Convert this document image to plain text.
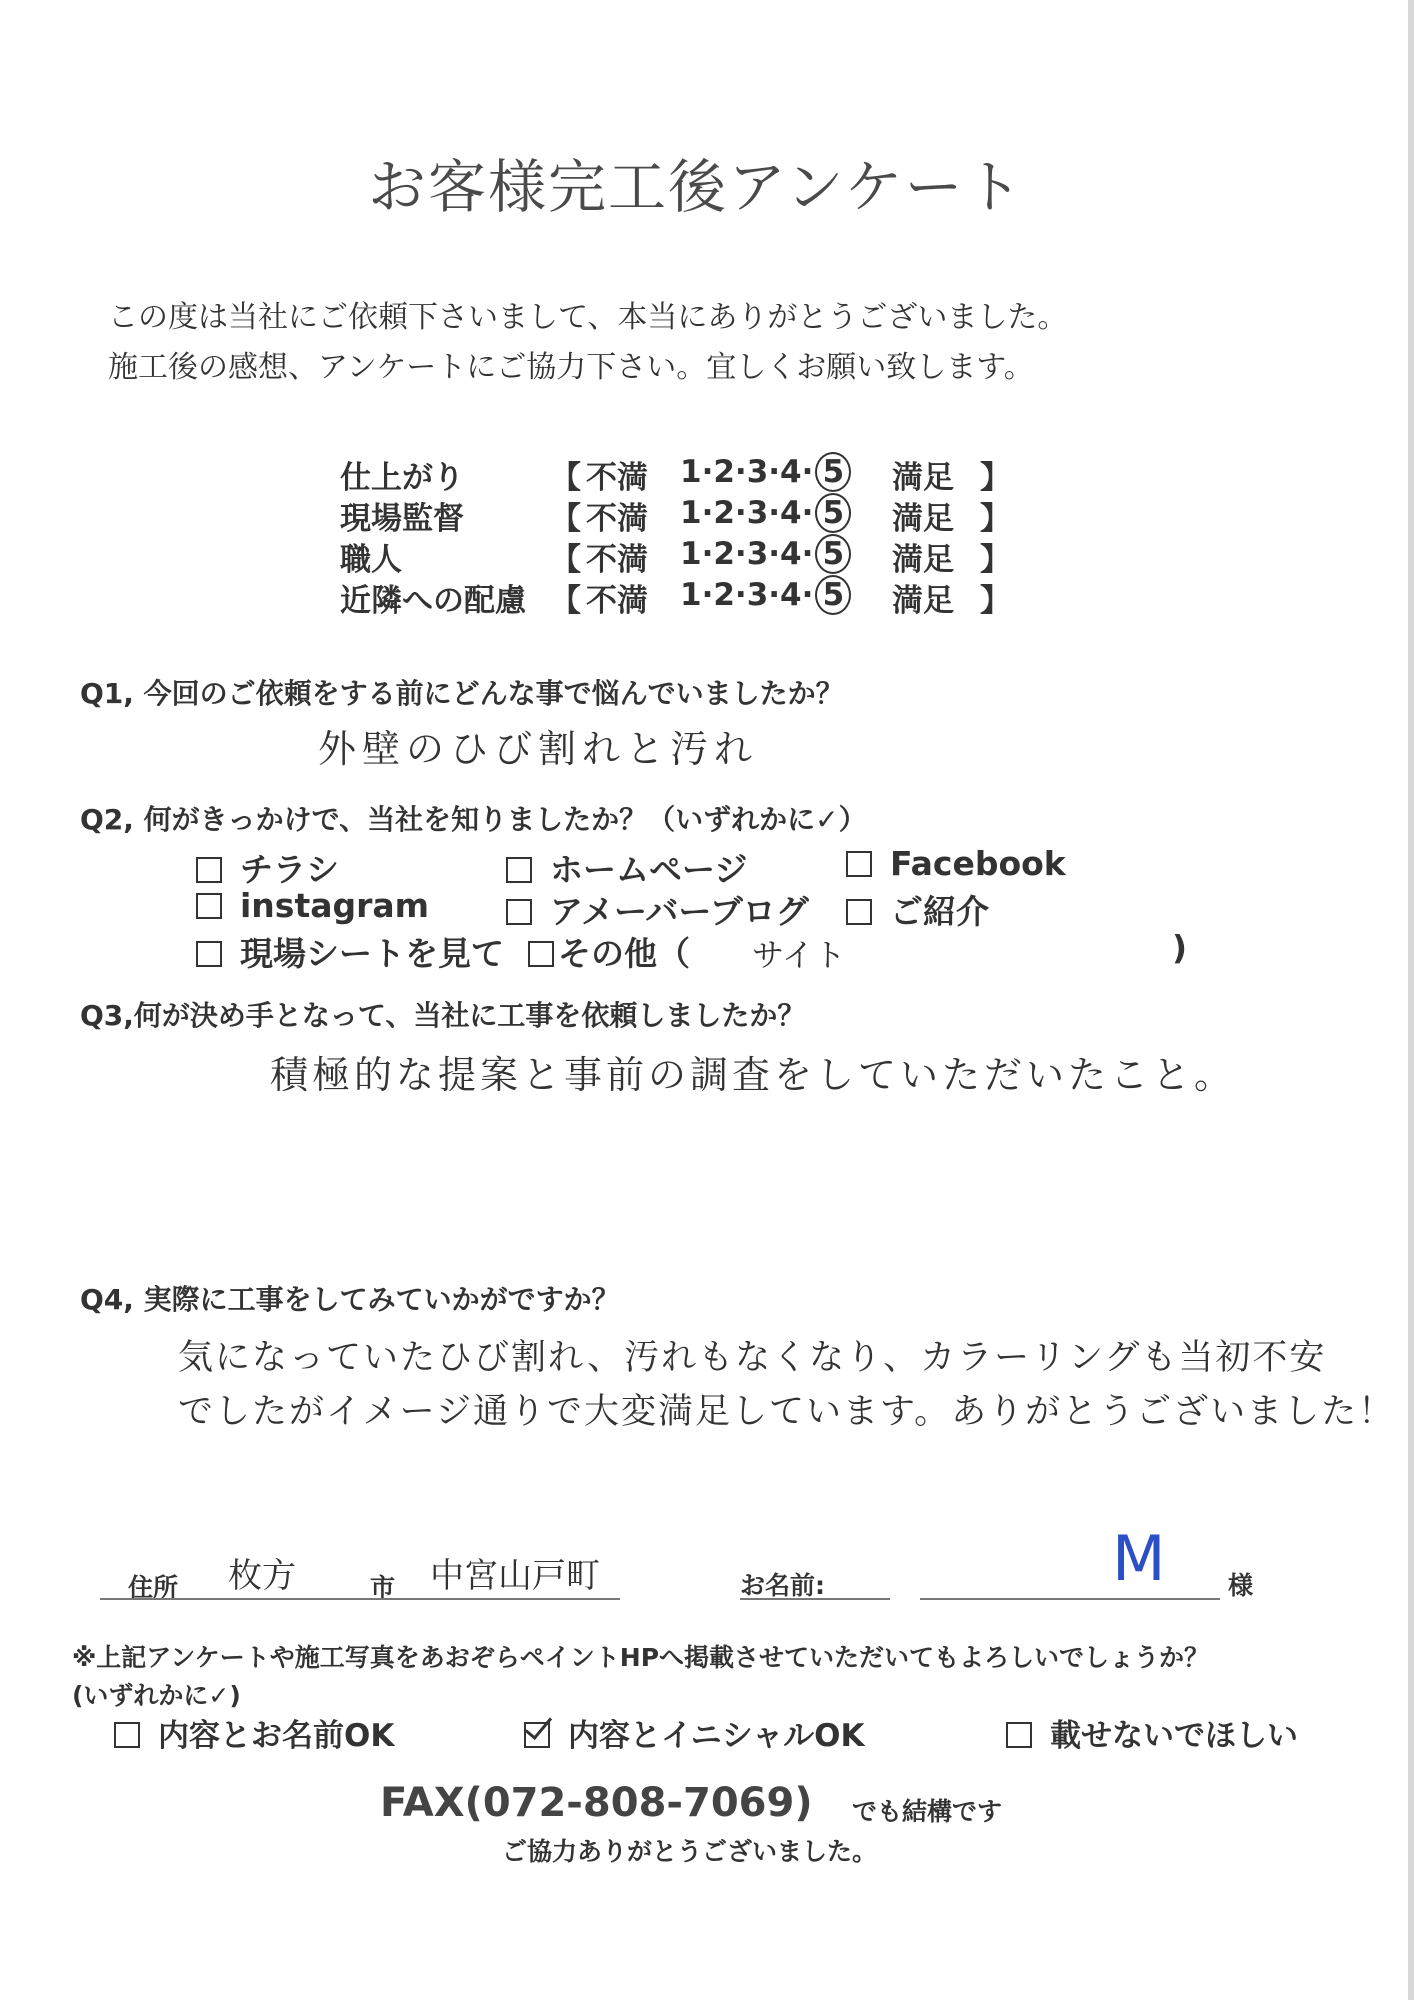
お客様完工後アンケート
この度は当社にご依頼下さいまして、本当にありがとうございました。
施工後の感想、アンケートにご協力下さい。宜しくお願い致します。
仕上がり	【 不満 1·2·3·4· 5 満足 】
現場監督	【 不満 1·2·3·4· 5 満足 】
職人	【 不満 1·2·3·4· 5 満足 】
近隣への配慮 【 不満 1·2·3·4· 5 満足 】
Q1, 今回のご依頼をする前にどんな事で悩んでいましたか？
外壁のひび割れと汚れ
Q2, 何がきっかけで、当社を知りましたか？（いずれかに✓）
チラシ	ホームページ	Facebook
instagram	アメーバーブログ	ご紹介
現場シートを見て	その他（ サイト	)
Q3,何が決め手となって、当社に工事を依頼しましたか？
積極的な提案と事前の調査をしていただいたこと。
Q4, 実際に工事をしてみていかがですか？
気になっていたひび割れ、汚れもなくなり、カラーリングも当初不安
でしたがイメージ通りで大変満足しています。ありがとうございました！
住所 枚方	市 中宮山戸町	お名前:	M	様
※上記アンケートや施工写真をあおぞらペイントHPへ掲載させていただいてもよろしいでしょうか？
(いずれかに✓)
内容とお名前OK	内容とイニシャルOK	載せないでほしい
FAX(072-808-7069) でも結構です
ご協力ありがとうございました。
